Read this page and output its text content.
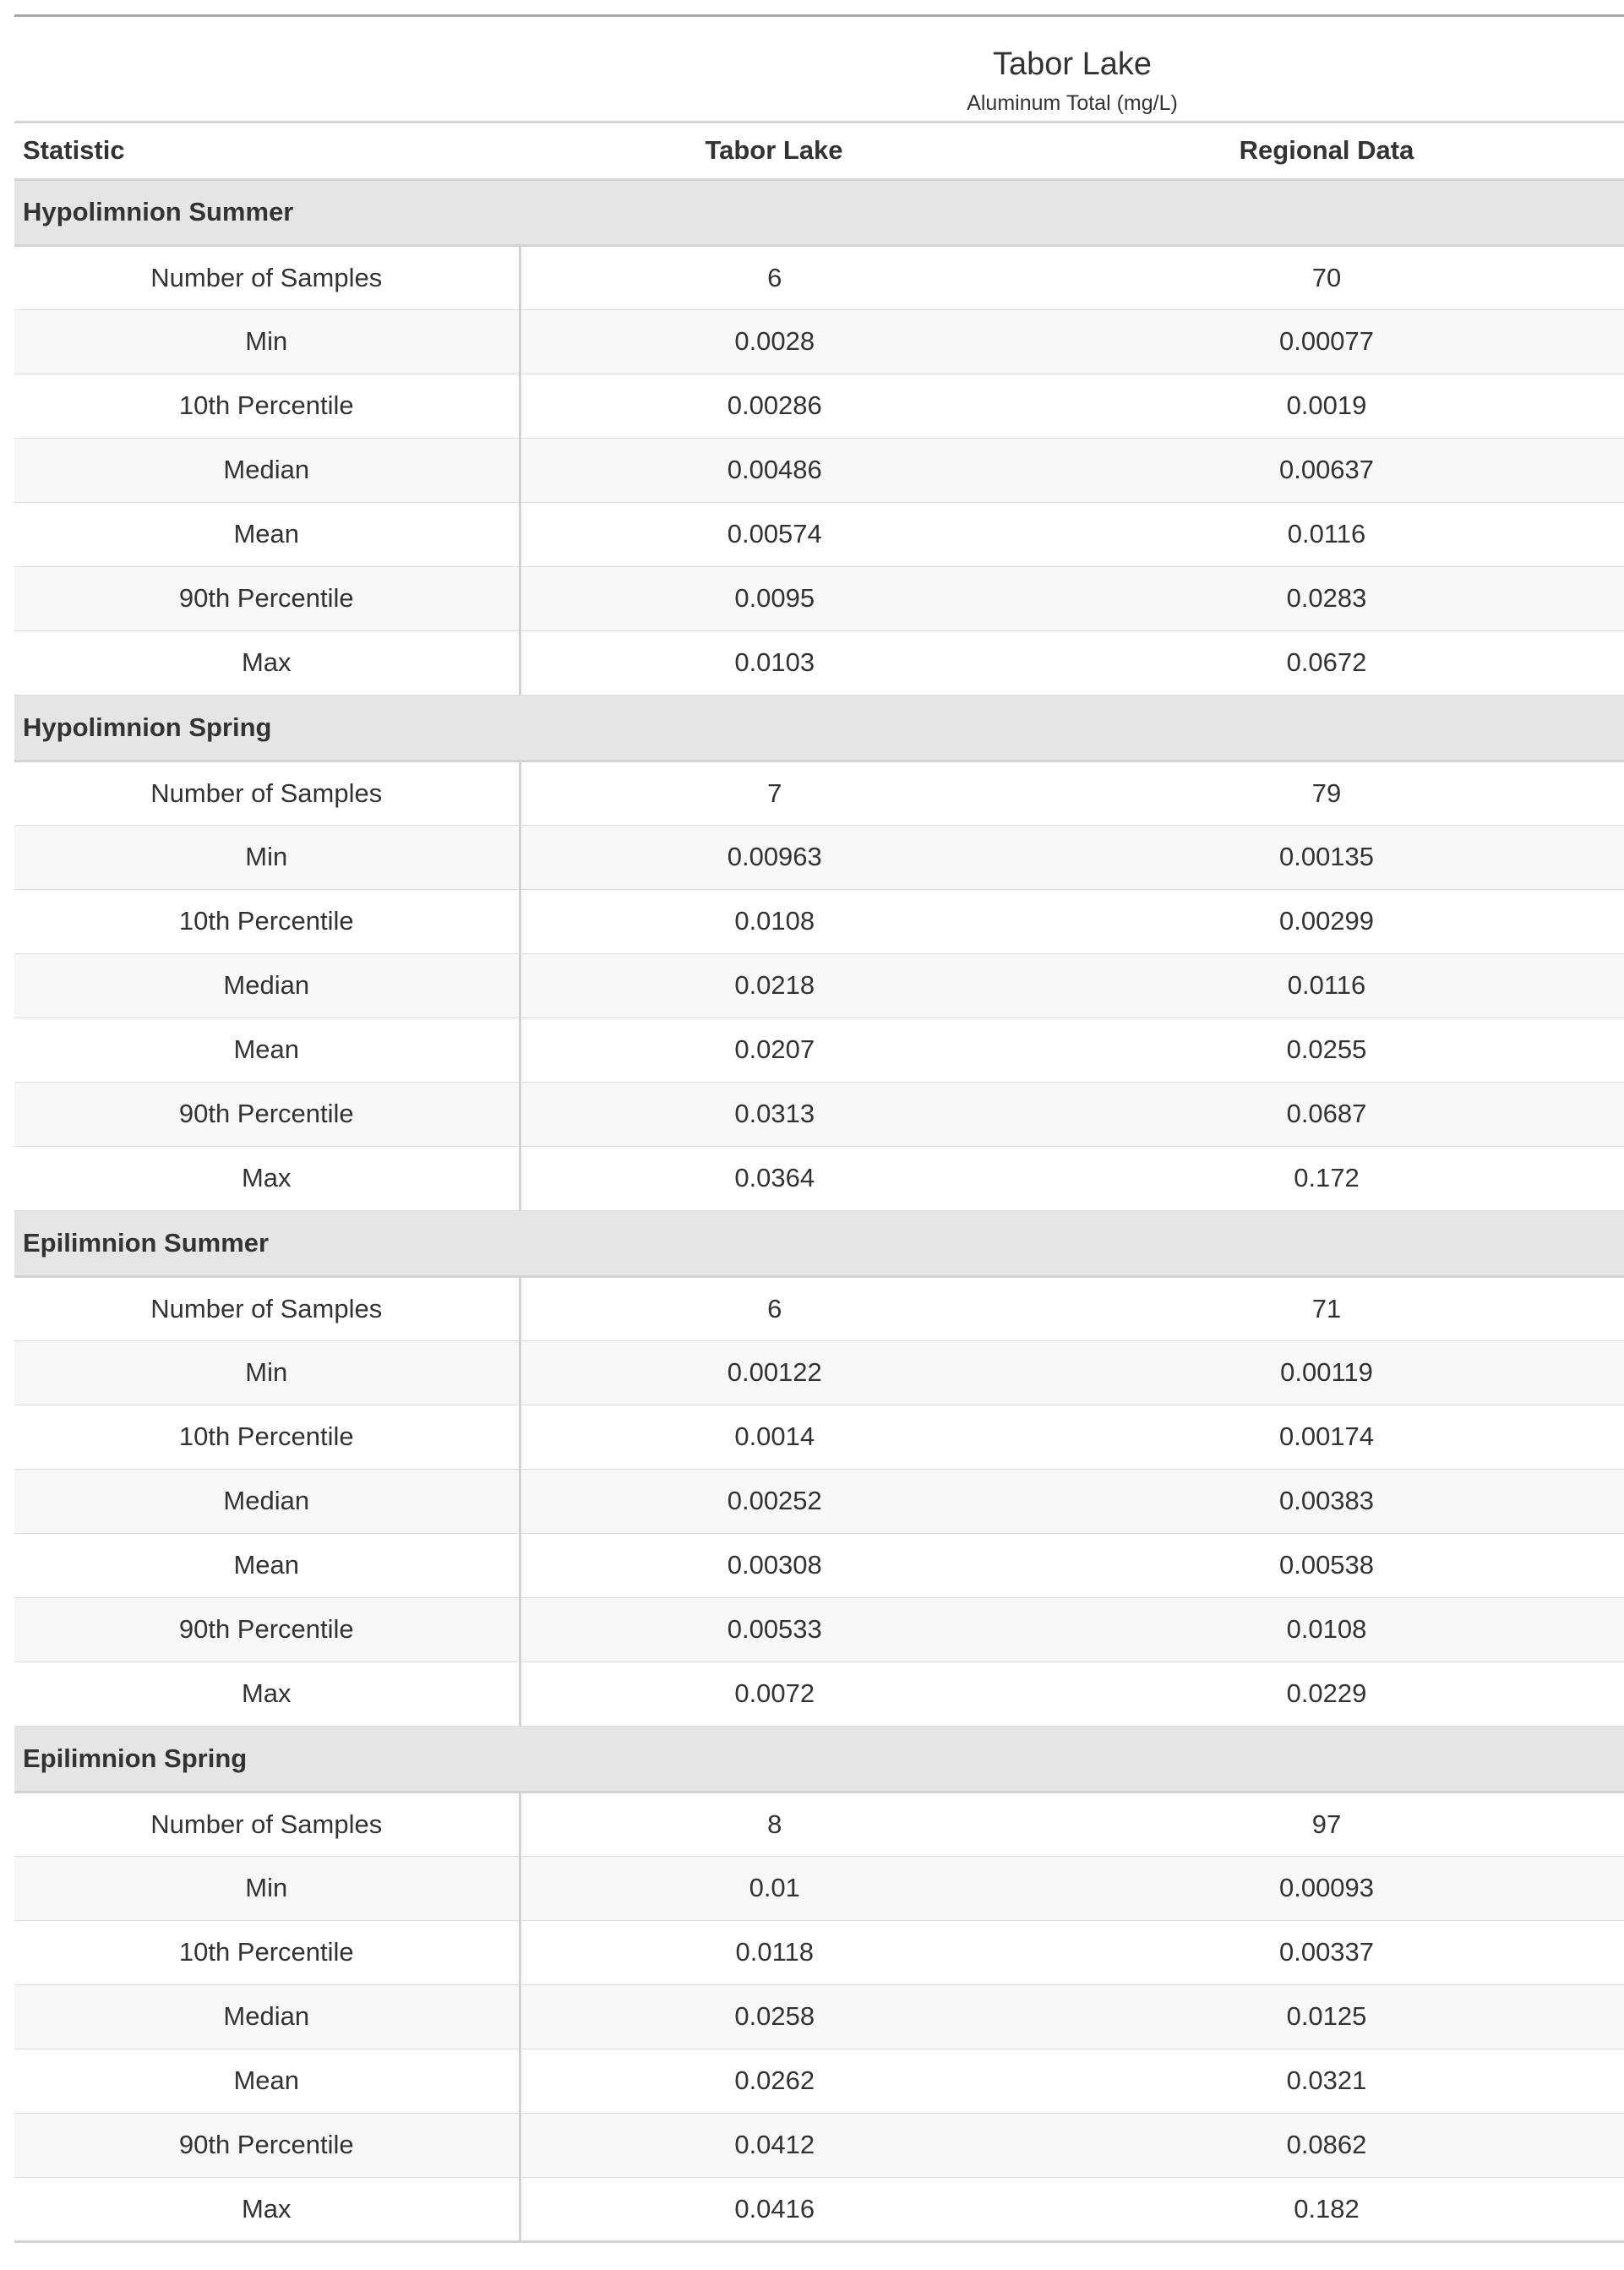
	Tabor Lake	
	Aluminum Total (mg/L)	
Statistic	Tabor Lake	Regional Data
Hypolimnion Summer		
Number of Samples	6	70
Min	0.0028	0.00077
10th Percentile	0.00286	0.0019
Median	0.00486	0.00637
Mean	0.00574	0.0116
90th Percentile	0.0095	0.0283
Max	0.0103	0.0672
Hypolimnion Spring		
Number of Samples	7	79
Min	0.00963	0.00135
10th Percentile	0.0108	0.00299
Median	0.0218	0.0116
Mean	0.0207	0.0255
90th Percentile	0.0313	0.0687
Max	0.0364	0.172
Epilimnion Summer		
Number of Samples	6	71
Min	0.00122	0.00119
10th Percentile	0.0014	0.00174
Median	0.00252	0.00383
Mean	0.00308	0.00538
90th Percentile	0.00533	0.0108
Max	0.0072	0.0229
Epilimnion Spring		
Number of Samples	8	97
Min	0.01	0.00093
10th Percentile	0.0118	0.00337
Median	0.0258	0.0125
Mean	0.0262	0.0321
90th Percentile	0.0412	0.0862
Max	0.0416	0.182
